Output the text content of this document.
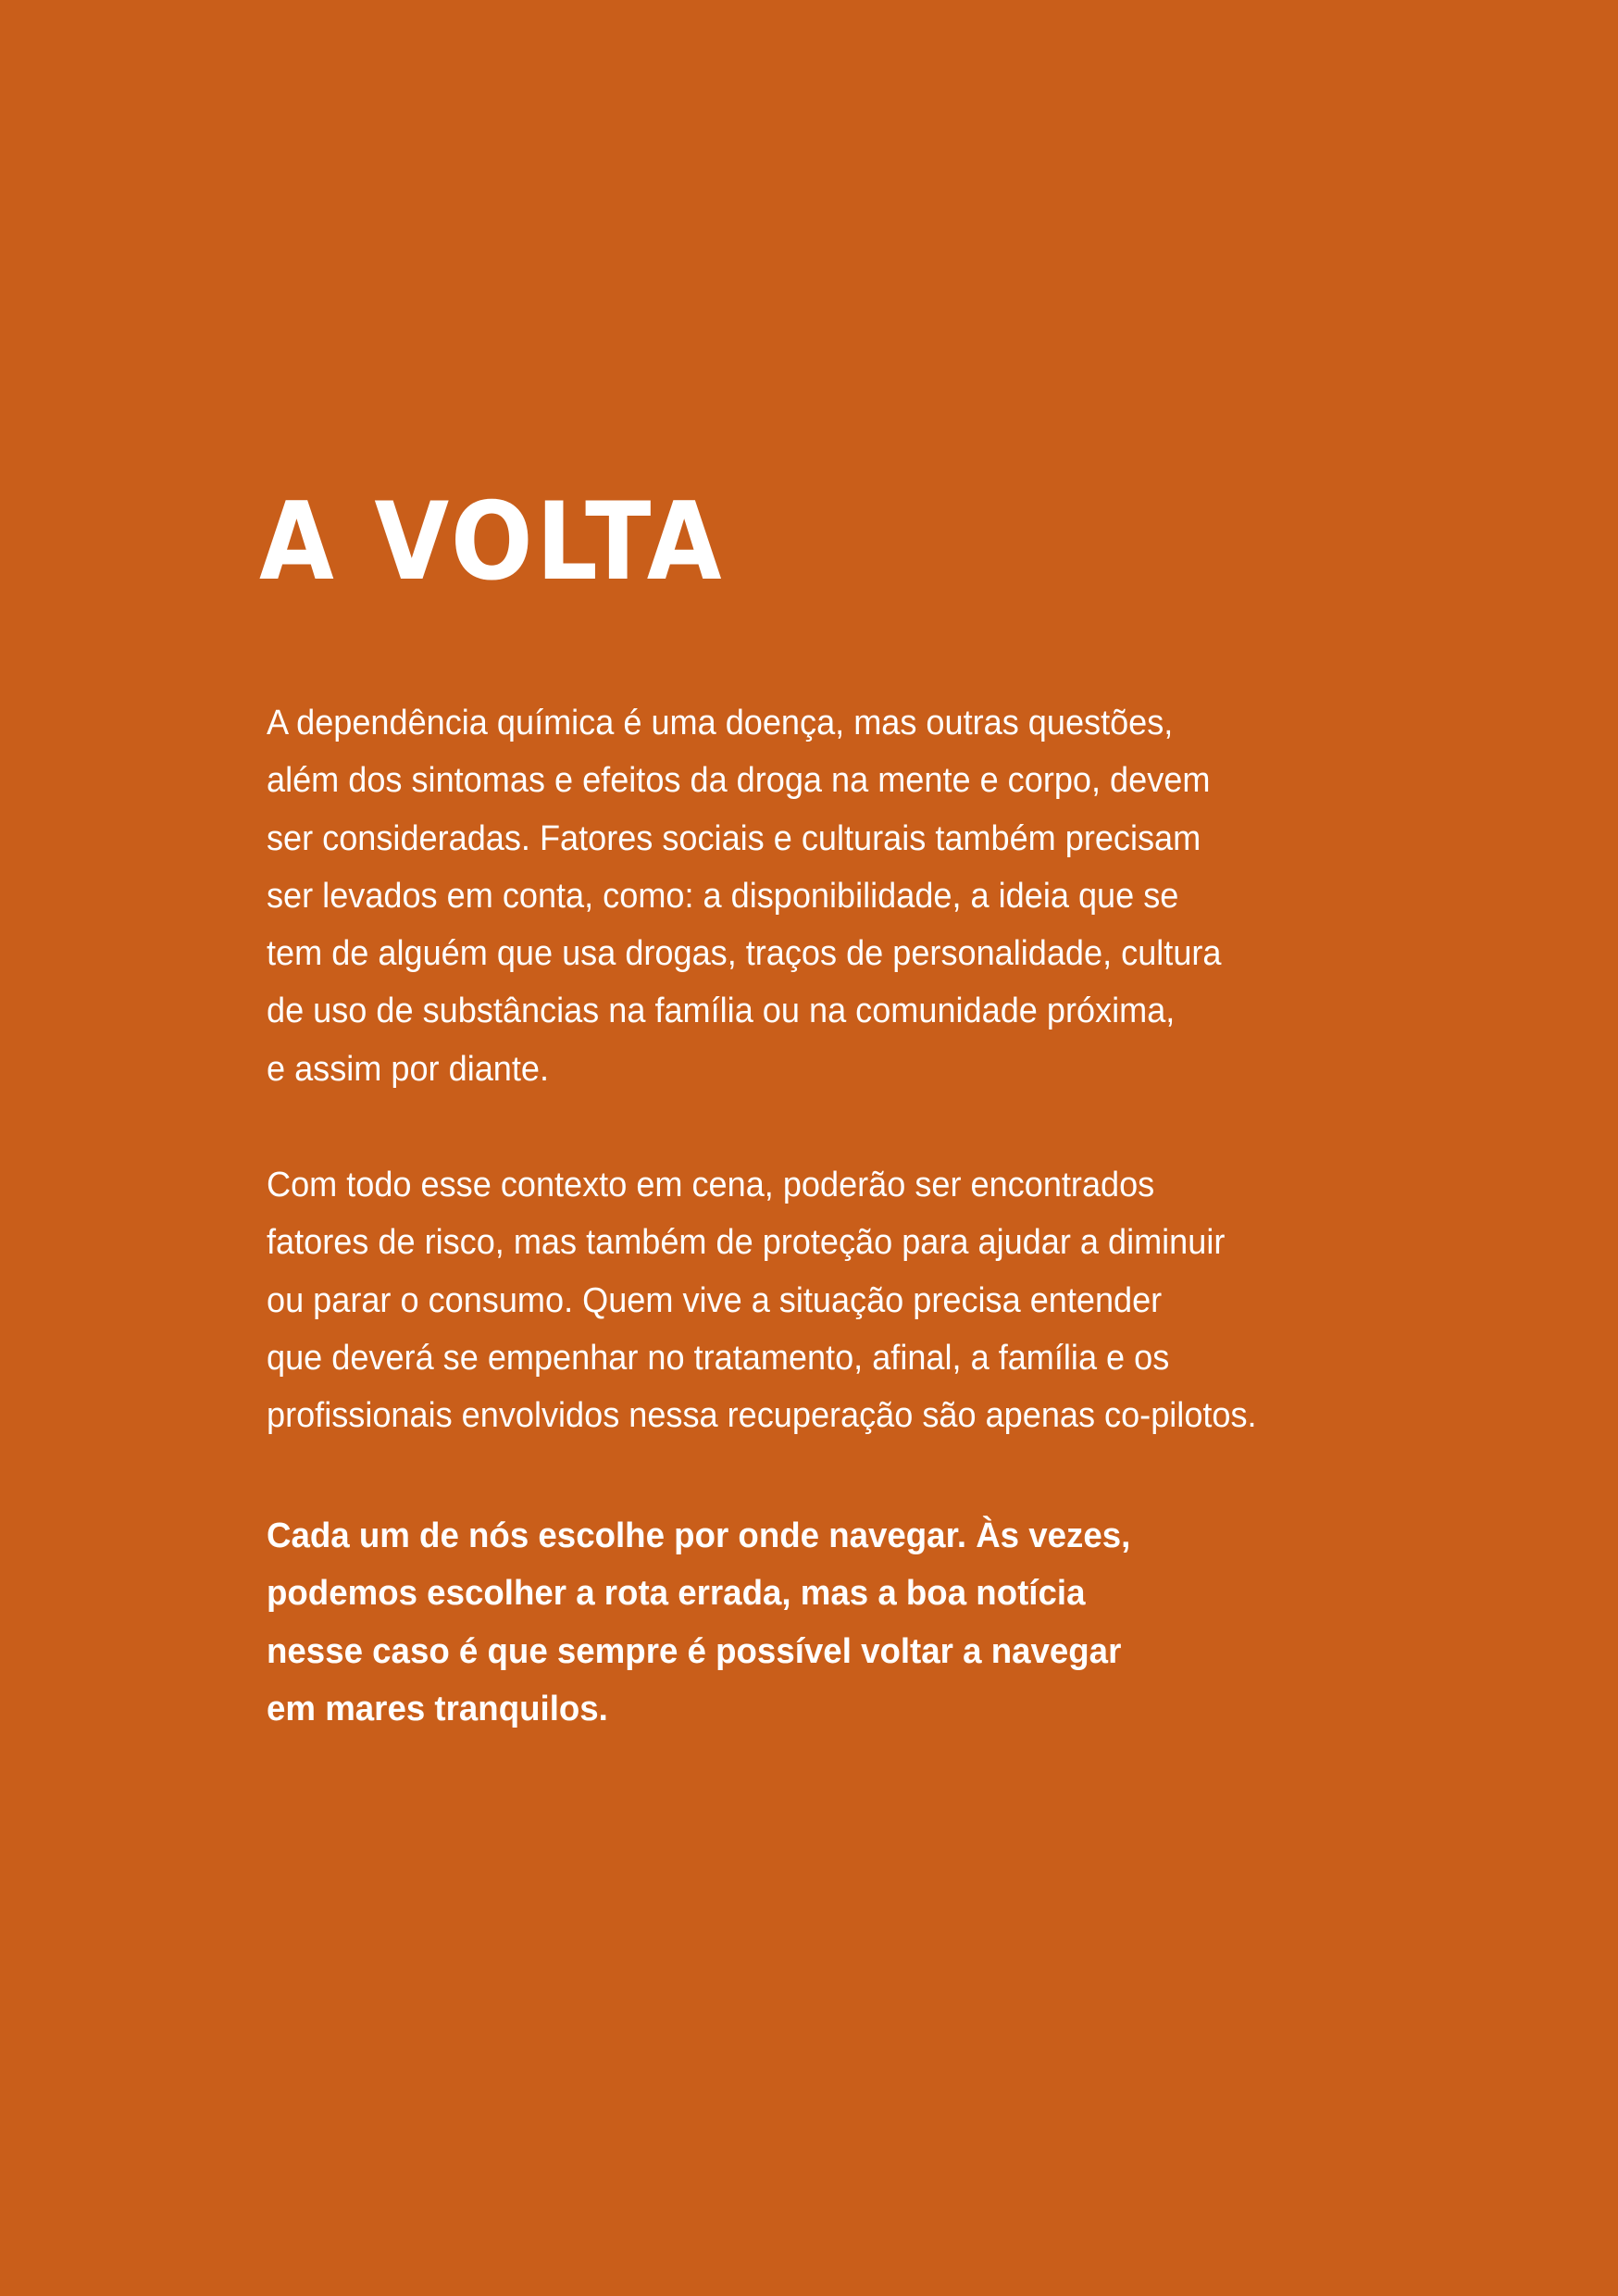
A VOLTA
A dependência química é uma doença, mas outras questões,
além dos sintomas e efeitos da droga na mente e corpo, devem
ser consideradas. Fatores sociais e culturais também precisam
ser levados em conta, como: a disponibilidade, a ideia que se
tem de alguém que usa drogas, traços de personalidade, cultura
de uso de substâncias na família ou na comunidade próxima,
e assim por diante.
Com todo esse contexto em cena, poderão ser encontrados
fatores de risco, mas também de proteção para ajudar a diminuir
ou parar o consumo. Quem vive a situação precisa entender
que deverá se empenhar no tratamento, afinal, a família e os
profissionais envolvidos nessa recuperação são apenas co-pilotos.
Cada um de nós escolhe por onde navegar. Às vezes,
podemos escolher a rota errada, mas a boa notícia
nesse caso é que sempre é possível voltar a navegar
em mares tranquilos.
